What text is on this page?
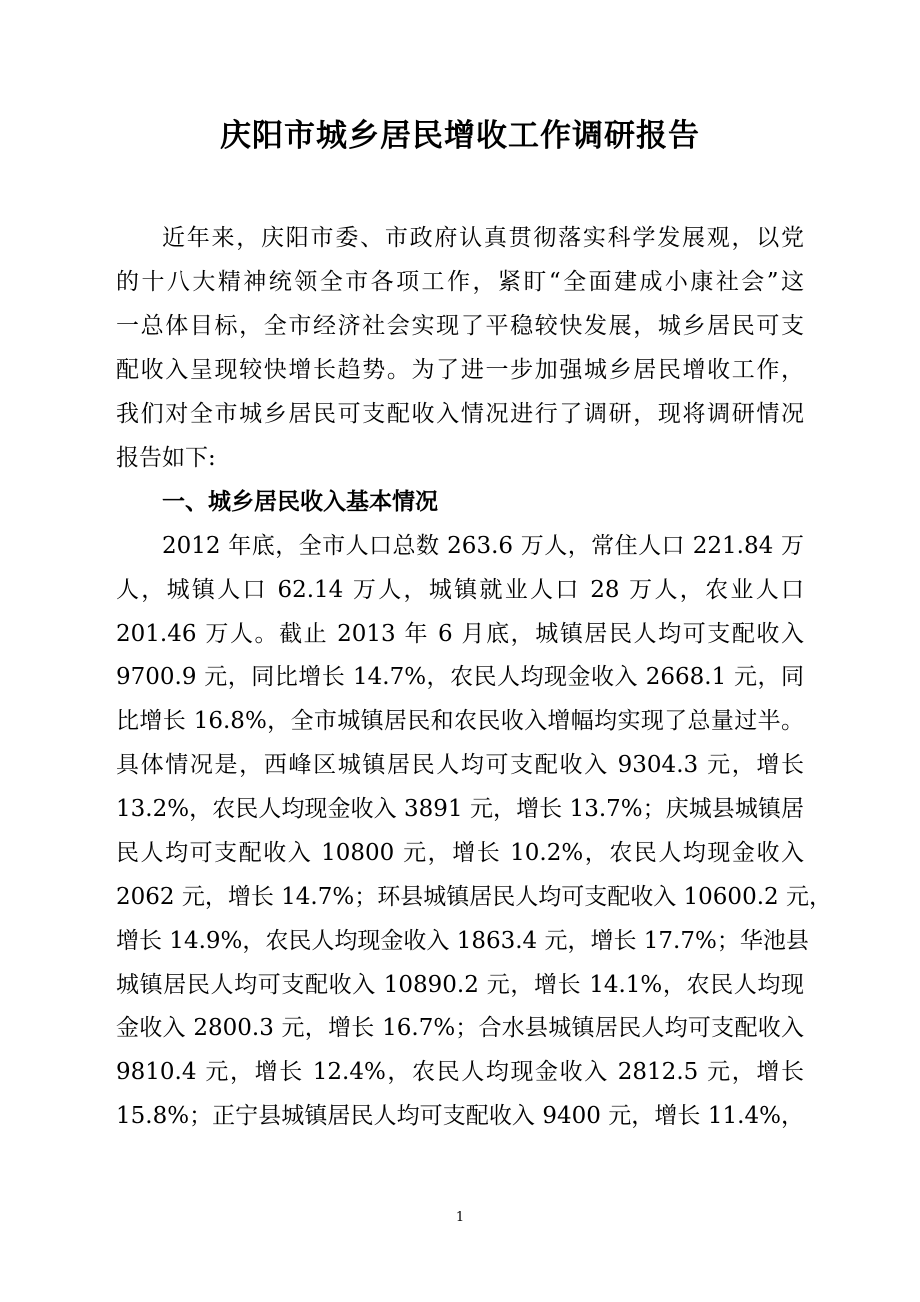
庆阳市城乡居民增收工作调研报告
近年来，庆阳市委、市政府认真贯彻落实科学发展观，以党
的十八大精神统领全市各项工作，紧盯“全面建成小康社会”这
一总体目标，全市经济社会实现了平稳较快发展，城乡居民可支
配收入呈现较快增长趋势。为了进一步加强城乡居民增收工作，
我们对全市城乡居民可支配收入情况进行了调研，现将调研情况
报告如下:
一、城乡居民收入基本情况
2012 年底，全市人口总数 263.6 万人，常住人口 221.84 万
人，城镇人口 62.14 万人，城镇就业人口 28 万人，农业人口
201.46 万人。截止 2013 年 6 月底，城镇居民人均可支配收入
9700.9 元，同比增长 14.7%，农民人均现金收入 2668.1 元，同
比增长 16.8%，全市城镇居民和农民收入增幅均实现了总量过半。
具体情况是，西峰区城镇居民人均可支配收入 9304.3 元，增长
13.2%，农民人均现金收入 3891 元，增长 13.7%；庆城县城镇居
民人均可支配收入 10800 元，增长 10.2%，农民人均现金收入
2062 元，增长 14.7%；环县城镇居民人均可支配收入 10600.2 元，
增长 14.9%，农民人均现金收入 1863.4 元，增长 17.7%；华池县
城镇居民人均可支配收入 10890.2 元，增长 14.1%，农民人均现
金收入 2800.3 元，增长 16.7%；合水县城镇居民人均可支配收入
9810.4 元，增长 12.4%，农民人均现金收入 2812.5 元，增长
15.8%；正宁县城镇居民人均可支配收入 9400 元，增长 11.4%，
1
